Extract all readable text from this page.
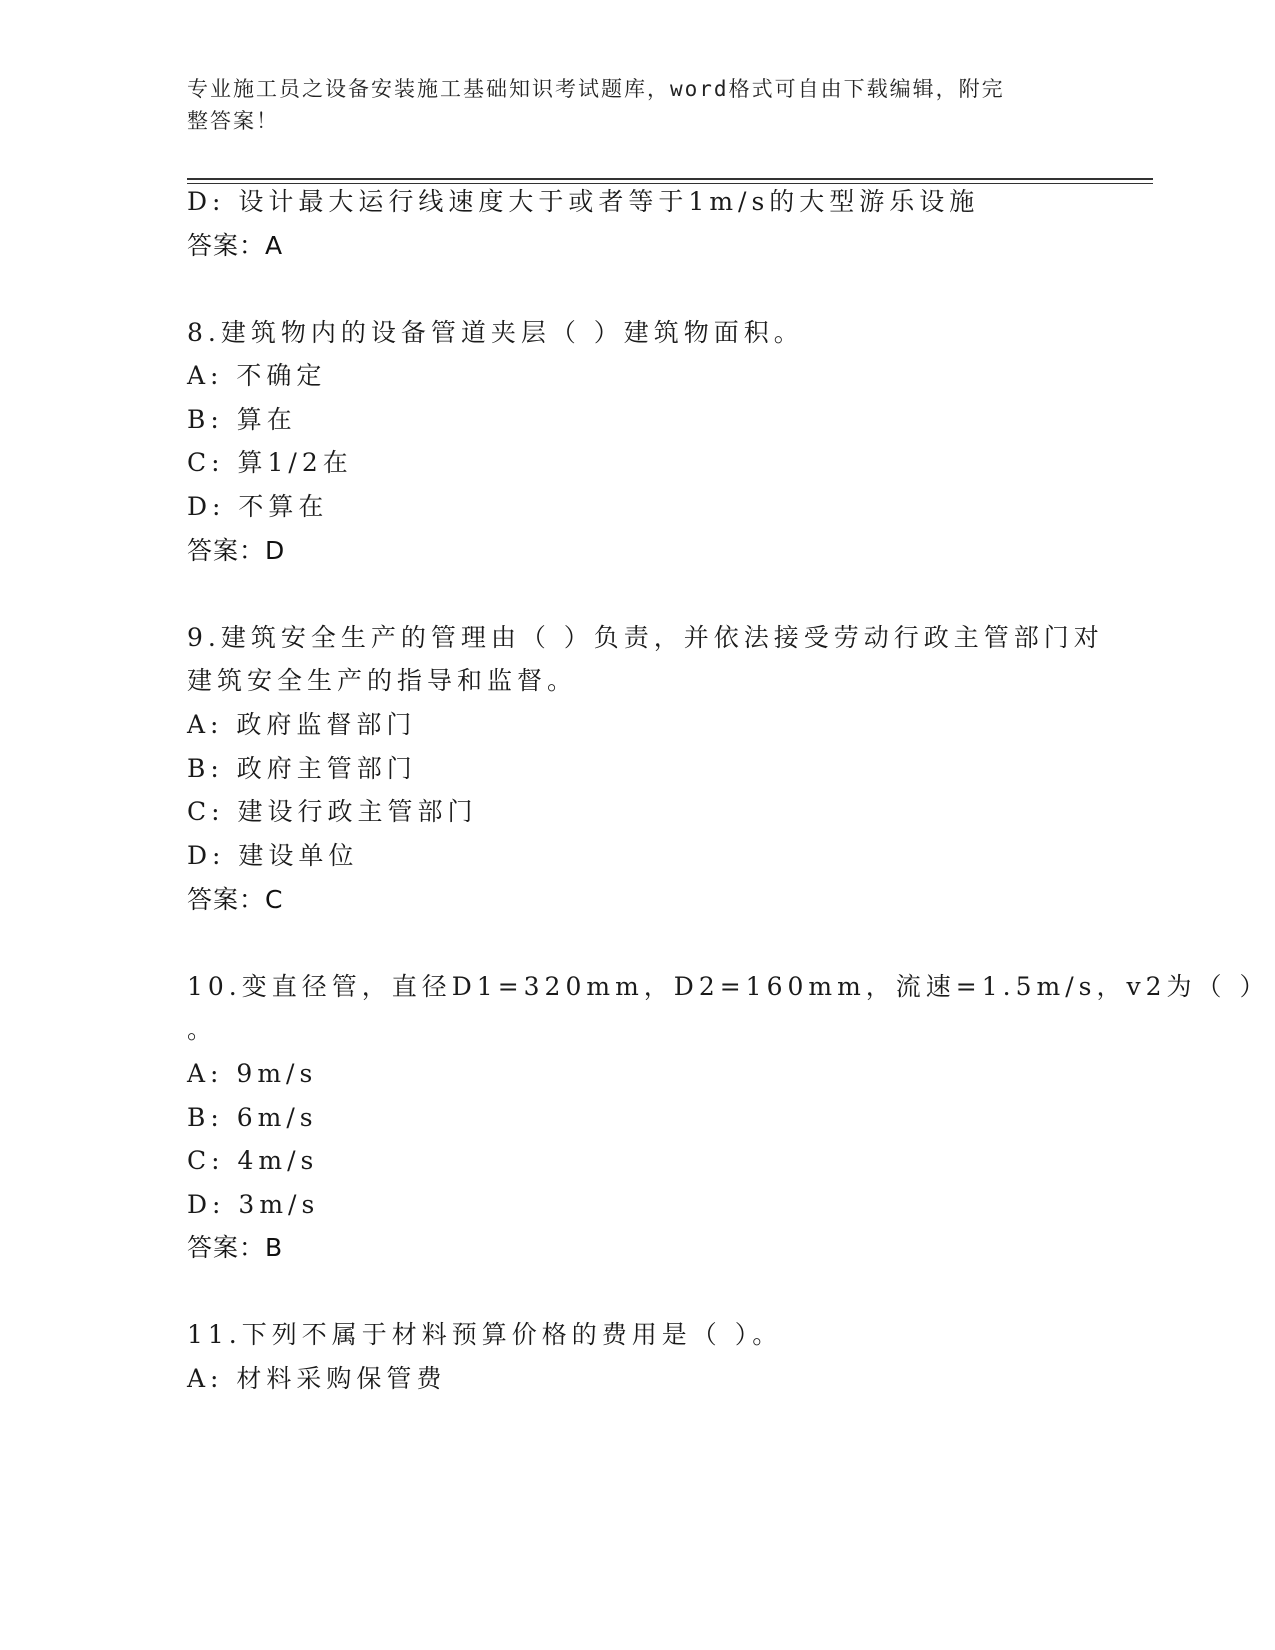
专业施工员之设备安装施工基础知识考试题库，word格式可自由下载编辑，附完
整答案！
D: 设计最大运行线速度大于或者等于1m/s的大型游乐设施
答案：A
8.建筑物内的设备管道夹层（ ）建筑物面积。
A: 不确定
B: 算在
C: 算1/2在
D: 不算在
答案：D
9.建筑安全生产的管理由（ ）负责，并依法接受劳动行政主管部门对
建筑安全生产的指导和监督。
A: 政府监督部门
B: 政府主管部门
C: 建设行政主管部门
D: 建设单位
答案：C
10.变直径管，直径D1=320mm，D2=160mm，流速=1.5m/s，v2为（ ）
。
A: 9m/s
B: 6m/s
C: 4m/s
D: 3m/s
答案：B
11.下列不属于材料预算价格的费用是（ ）。
A: 材料采购保管费
